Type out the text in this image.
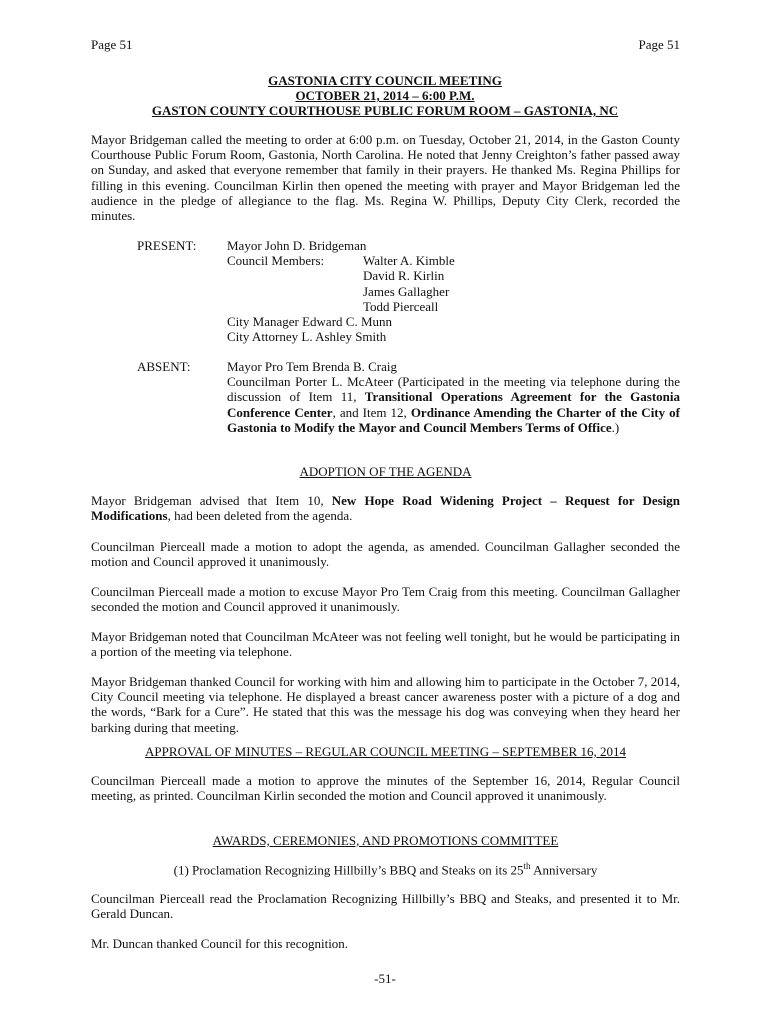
Page 51	Page 51
GASTONIA CITY COUNCIL MEETING
OCTOBER 21, 2014 – 6:00 P.M.
GASTON COUNTY COURTHOUSE PUBLIC FORUM ROOM – GASTONIA, NC

Mayor Bridgeman called the meeting to order at 6:00 p.m. on Tuesday, October 21, 2014, in the Gaston County Courthouse Public Forum Room, Gastonia, North Carolina. He noted that Jenny Creighton’s father passed away on Sunday, and asked that everyone remember that family in their prayers. He thanked Ms. Regina Phillips for filling in this evening. Councilman Kirlin then opened the meeting with prayer and Mayor Bridgeman led the audience in the pledge of allegiance to the flag. Ms. Regina W. Phillips, Deputy City Clerk, recorded the minutes.

PRESENT:	Mayor John D. Bridgeman
Council Members:	Walter A. Kimble
David R. Kirlin
James Gallagher
Todd Pierceall
City Manager Edward C. Munn
City Attorney L. Ashley Smith
ABSENT:	Mayor Pro Tem Brenda B. Craig
Councilman Porter L. McAteer (Participated in the meeting via telephone during the discussion of Item 11, Transitional Operations Agreement for the Gastonia Conference Center, and Item 12, Ordinance Amending the Charter of the City of Gastonia to Modify the Mayor and Council Members Terms of Office.)
ADOPTION OF THE AGENDA

Mayor Bridgeman advised that Item 10, New Hope Road Widening Project – Request for Design Modifications, had been deleted from the agenda.

Councilman Pierceall made a motion to adopt the agenda, as amended. Councilman Gallagher seconded the motion and Council approved it unanimously.

Councilman Pierceall made a motion to excuse Mayor Pro Tem Craig from this meeting. Councilman Gallagher seconded the motion and Council approved it unanimously.

Mayor Bridgeman noted that Councilman McAteer was not feeling well tonight, but he would be participating in a portion of the meeting via telephone.

Mayor Bridgeman thanked Council for working with him and allowing him to participate in the October 7, 2014, City Council meeting via telephone. He displayed a breast cancer awareness poster with a picture of a dog and the words, “Bark for a Cure”. He stated that this was the message his dog was conveying when they heard her barking during that meeting.

APPROVAL OF MINUTES – REGULAR COUNCIL MEETING – SEPTEMBER 16, 2014

Councilman Pierceall made a motion to approve the minutes of the September 16, 2014, Regular Council meeting, as printed. Councilman Kirlin seconded the motion and Council approved it unanimously.

AWARDS, CEREMONIES, AND PROMOTIONS COMMITTEE
(1) Proclamation Recognizing Hillbilly’s BBQ and Steaks on its 25th Anniversary

Councilman Pierceall read the Proclamation Recognizing Hillbilly’s BBQ and Steaks, and presented it to Mr. Gerald Duncan.

Mr. Duncan thanked Council for this recognition.

-51-
